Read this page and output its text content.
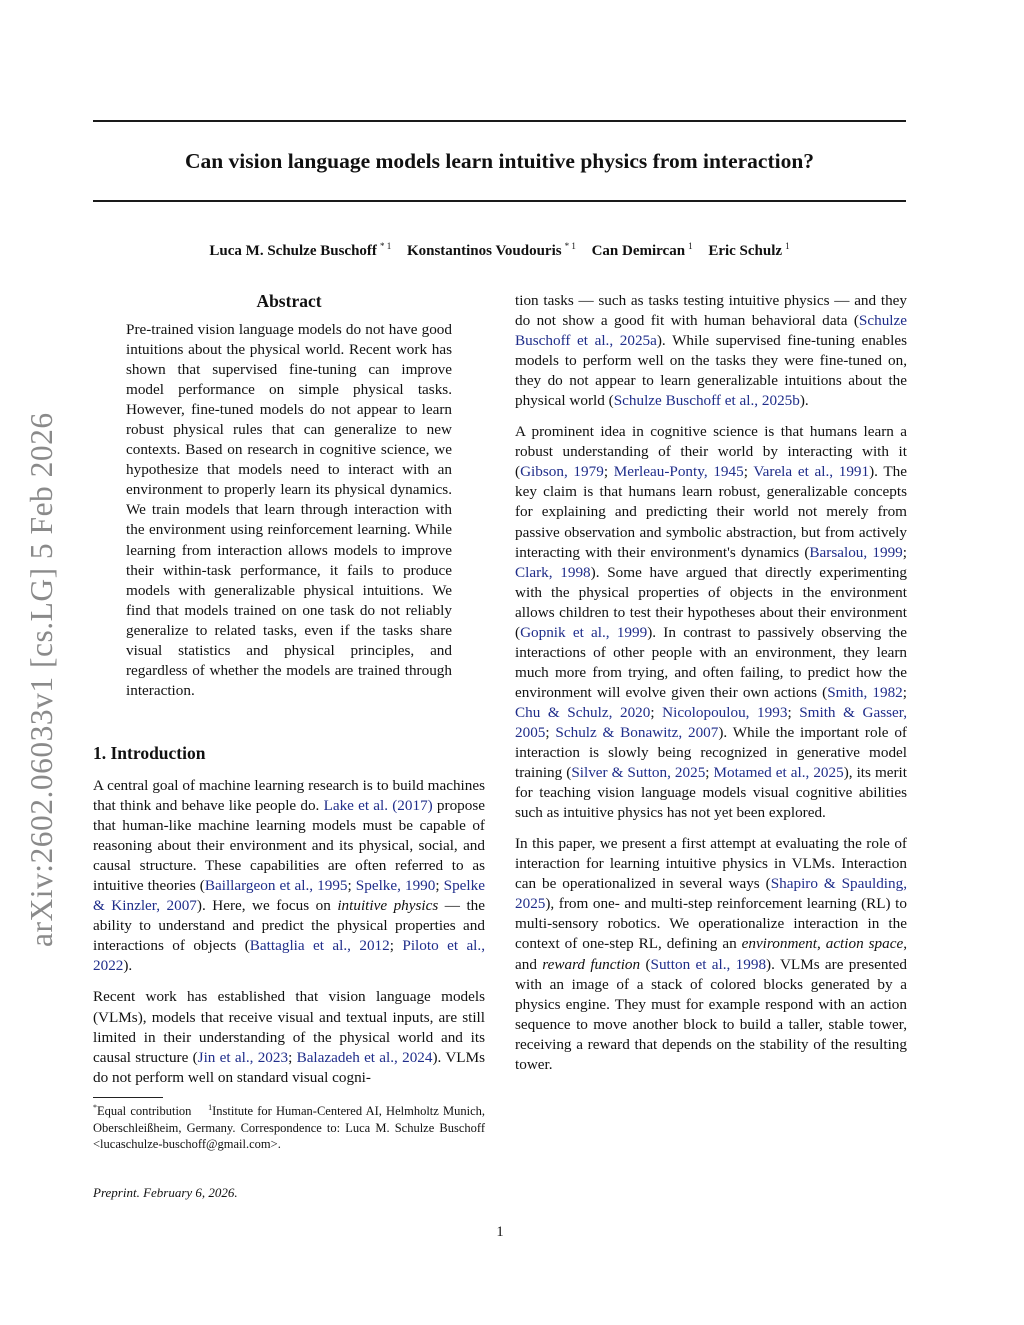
arXiv:2602.06033v1 [cs.LG] 5 Feb 2026
Can vision language models learn intuitive physics from interaction?
Luca M. Schulze Buschoff $^{* 1}$ Konstantinos Voudouris $^{* 1}$ Can Demircan $^1$ Eric Schulz $^1$
Abstract
Pre-trained vision language models do not have good intuitions about the physical world. Recent work has shown that supervised fine-tuning can improve model performance on simple physical tasks. However, fine-tuned models do not appear to learn robust physical rules that can generalize to new contexts. Based on research in cognitive science, we hypothesize that models need to interact with an environment to properly learn its physical dynamics. We train models that learn through interaction with the environment using reinforcement learning. While learning from interaction allows models to improve their within-task performance, it fails to produce models with generalizable physical intuitions. We find that models trained on one task do not reliably generalize to related tasks, even if the tasks share visual statistics and physical principles, and regardless of whether the models are trained through interaction.
1. Introduction

A central goal of machine learning research is to build machines that think and behave like people do. Lake et al. (2017) propose that human-like machine learning models must be capable of reasoning about their environment and its physical, social, and causal structure. These capabilities are often referred to as intuitive theories (Baillargeon et al., 1995; Spelke, 1990; Spelke & Kinzler, 2007). Here, we focus on intuitive physics — the ability to understand and predict the physical properties and interactions of objects (Battaglia et al., 2012; Piloto et al., 2022).

Recent work has established that vision language models (VLMs), models that receive visual and textual inputs, are still limited in their understanding of the physical world and its causal structure (Jin et al., 2023; Balazadeh et al., 2024). VLMs do not perform well on standard visual cogni-

*Equal contribution $^1$Institute for Human-Centered AI, Helmholtz Munich, Oberschleißheim, Germany. Correspondence to: Luca M. Schulze Buschoff <lucaschulze-buschoff@gmail.com>.
Preprint. February 6, 2026.

tion tasks — such as tasks testing intuitive physics — and they do not show a good fit with human behavioral data (Schulze Buschoff et al., 2025a). While supervised fine-tuning enables models to perform well on the tasks they were fine-tuned on, they do not appear to learn generalizable intuitions about the physical world (Schulze Buschoff et al., 2025b).

A prominent idea in cognitive science is that humans learn a robust understanding of their world by interacting with it (Gibson, 1979; Merleau-Ponty, 1945; Varela et al., 1991). The key claim is that humans learn robust, generalizable concepts for explaining and predicting their world not merely from passive observation and symbolic abstraction, but from actively interacting with their environment's dynamics (Barsalou, 1999; Clark, 1998). Some have argued that directly experimenting with the physical properties of objects in the environment allows children to test their hypotheses about their environment (Gopnik et al., 1999). In contrast to passively observing the interactions of other people with an environment, they learn much more from trying, and often failing, to predict how the environment will evolve given their own actions (Smith, 1982; Chu & Schulz, 2020; Nicolopoulou, 1993; Smith & Gasser, 2005; Schulz & Bonawitz, 2007). While the important role of interaction is slowly being recognized in generative model training (Silver & Sutton, 2025; Motamed et al., 2025), its merit for teaching vision language models visual cognitive abilities such as intuitive physics has not yet been explored.

In this paper, we present a first attempt at evaluating the role of interaction for learning intuitive physics in VLMs. Interaction can be operationalized in several ways (Shapiro & Spaulding, 2025), from one- and multi-step reinforcement learning (RL) to multi-sensory robotics. We operationalize interaction in the context of one-step RL, defining an environment, action space, and reward function (Sutton et al., 1998). VLMs are presented with an image of a stack of colored blocks generated by a physics engine. They must for example respond with an action sequence to move another block to build a taller, stable tower, receiving a reward that depends on the stability of the resulting tower.

1
